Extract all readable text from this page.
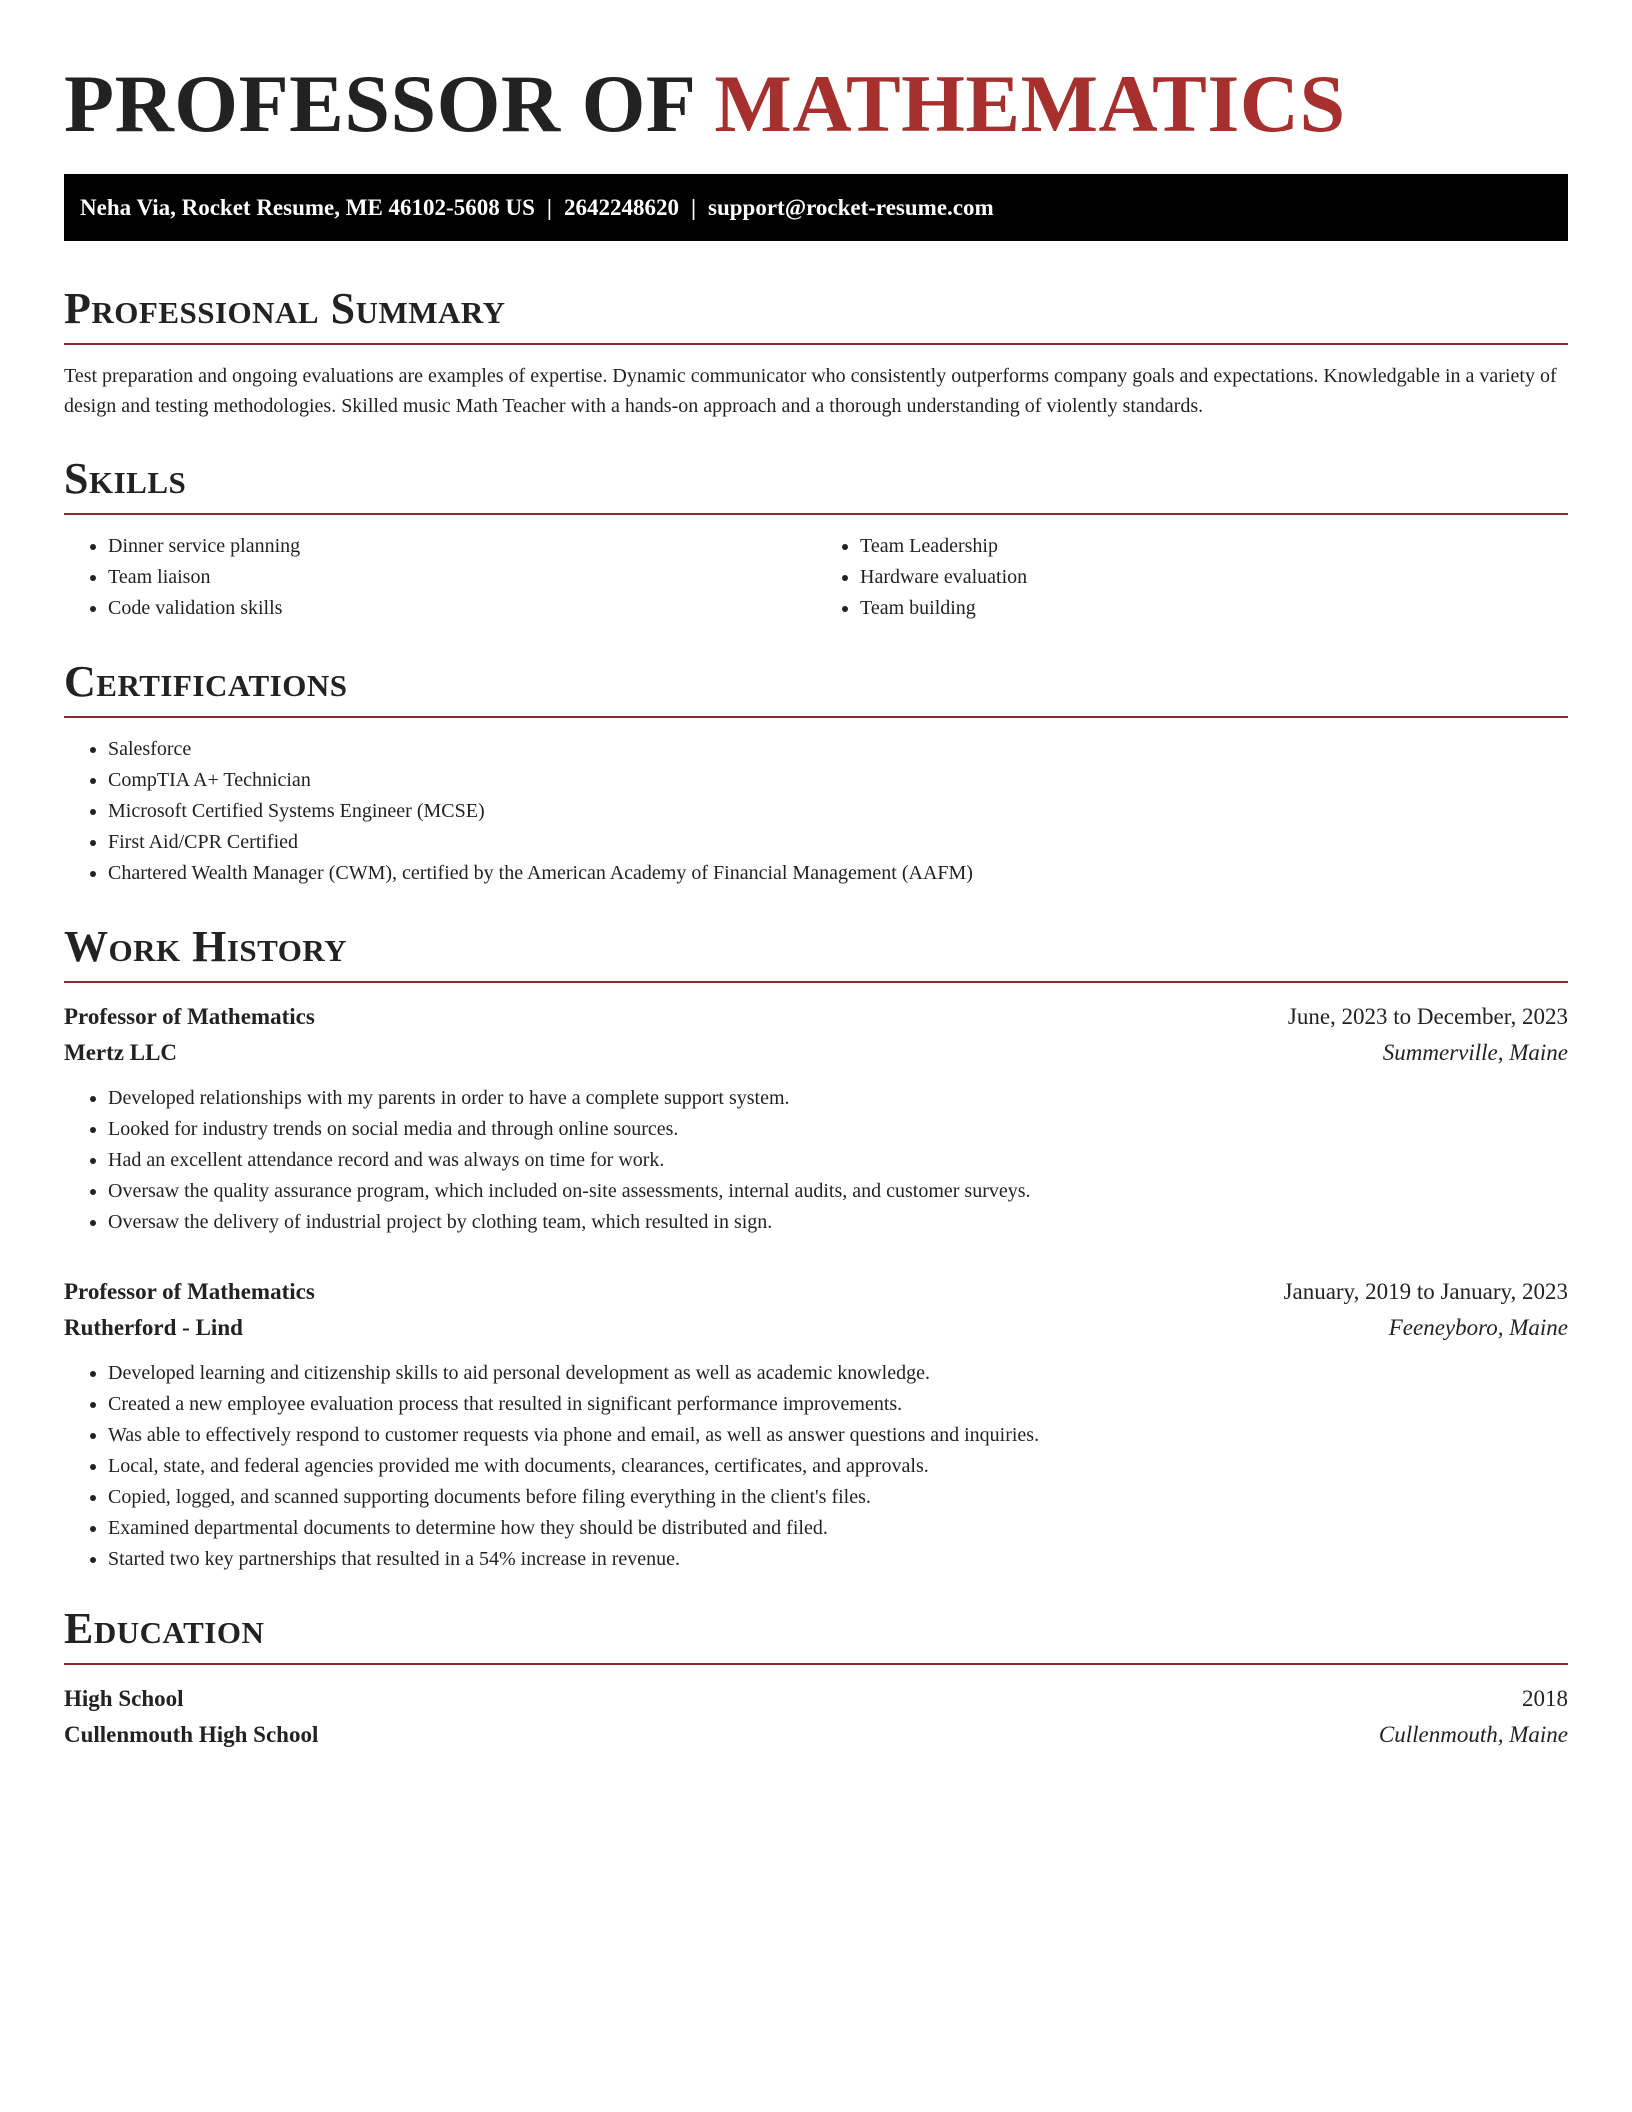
PROFESSOR OF MATHEMATICS
Neha Via, Rocket Resume, ME 46102-5608 US | 2642248620 | support@rocket-resume.com
Professional Summary

Test preparation and ongoing evaluations are examples of expertise. Dynamic communicator who consistently outperforms company goals and expectations. Knowledgable in a variety of design and testing methodologies. Skilled music Math Teacher with a hands-on approach and a thorough understanding of violently standards.

Skills
• Dinner service planning
• Team liaison
• Code validation skills
• Team Leadership
• Hardware evaluation
• Team building
Certifications
• Salesforce
• CompTIA A+ Technician
• Microsoft Certified Systems Engineer (MCSE)
• First Aid/CPR Certified
• Chartered Wealth Manager (CWM), certified by the American Academy of Financial Management (AAFM)
Work History
Professor of Mathematics	June, 2023 to December, 2023
Mertz LLC	Summerville, Maine
• Developed relationships with my parents in order to have a complete support system.
• Looked for industry trends on social media and through online sources.
• Had an excellent attendance record and was always on time for work.
• Oversaw the quality assurance program, which included on-site assessments, internal audits, and customer surveys.
• Oversaw the delivery of industrial project by clothing team, which resulted in sign.
Professor of Mathematics	January, 2019 to January, 2023
Rutherford - Lind	Feeneyboro, Maine
• Developed learning and citizenship skills to aid personal development as well as academic knowledge.
• Created a new employee evaluation process that resulted in significant performance improvements.
• Was able to effectively respond to customer requests via phone and email, as well as answer questions and inquiries.
• Local, state, and federal agencies provided me with documents, clearances, certificates, and approvals.
• Copied, logged, and scanned supporting documents before filing everything in the client's files.
• Examined departmental documents to determine how they should be distributed and filed.
• Started two key partnerships that resulted in a 54% increase in revenue.
Education
High School	2018
Cullenmouth High School	Cullenmouth, Maine
